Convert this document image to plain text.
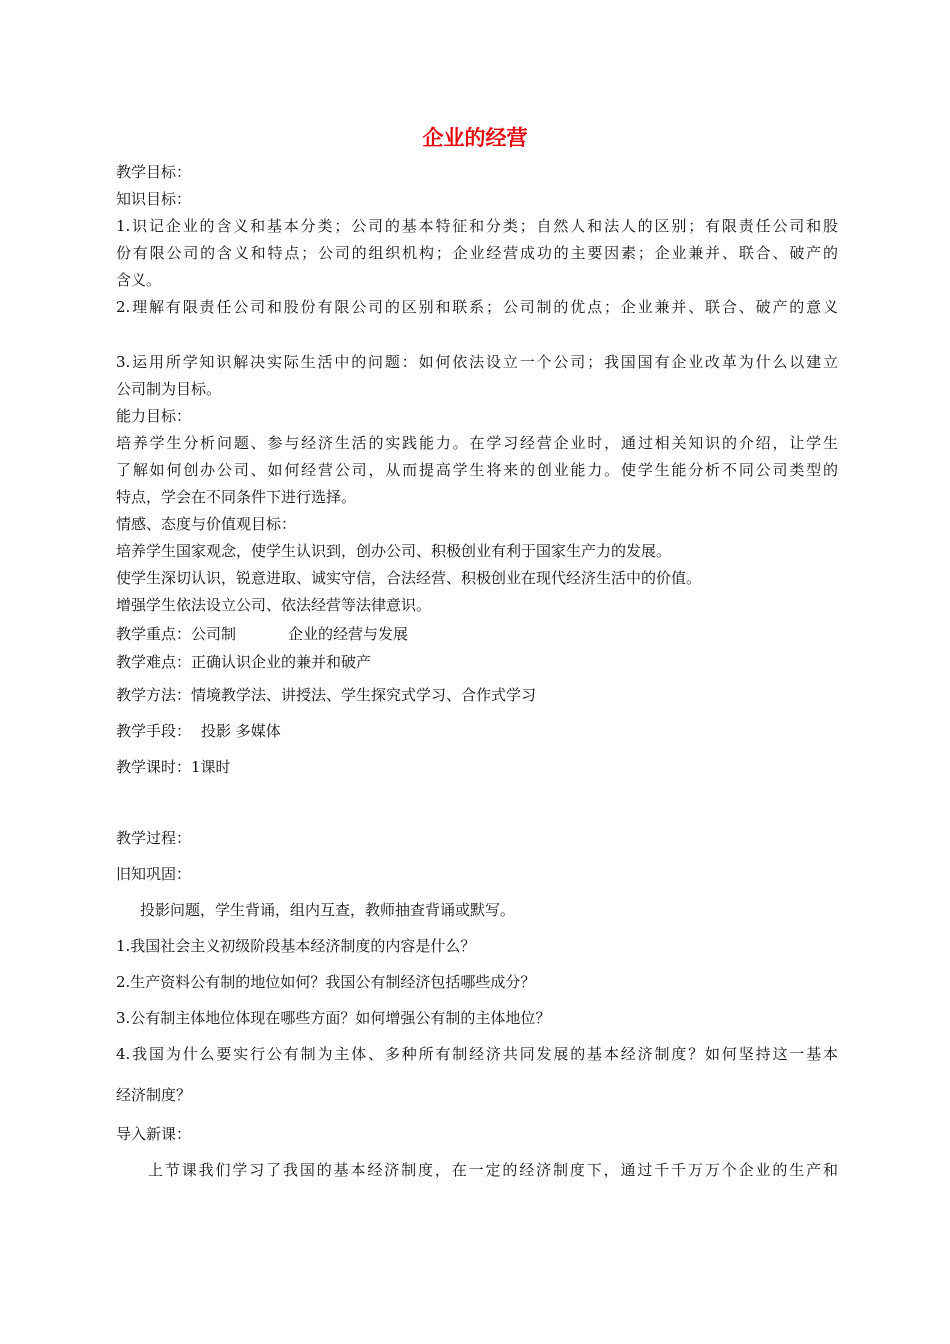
企业的经营

教学目标：

知识目标：

1.识记企业的含义和基本分类；公司的基本特征和分类；自然人和法人的区别；有限责任公司和股

份有限公司的含义和特点；公司的组织机构；企业经营成功的主要因素；企业兼并、联合、破产的

含义。

2.理解有限责任公司和股份有限公司的区别和联系；公司制的优点；企业兼并、联合、破产的意义

3.运用所学知识解决实际生活中的问题：如何依法设立一个公司；我国国有企业改革为什么以建立

公司制为目标。

能力目标：

培养学生分析问题、参与经济生活的实践能力。在学习经营企业时，通过相关知识的介绍，让学生

了解如何创办公司、如何经营公司，从而提高学生将来的创业能力。使学生能分析不同公司类型的

特点，学会在不同条件下进行选择。

情感、态度与价值观目标：

培养学生国家观念，使学生认识到，创办公司、积极创业有利于国家生产力的发展。

使学生深切认识，锐意进取、诚实守信，合法经营、积极创业在现代经济生活中的价值。

增强学生依法设立公司、依法经营等法律意识。

教学重点：公司制	企业的经营与发展

教学难点：正确认识企业的兼并和破产

教学方法：情境教学法、讲授法、学生探究式学习、合作式学习

教学手段： 投影 多媒体

教学课时：1课时

教学过程：

旧知巩固：

投影问题，学生背诵，组内互查，教师抽查背诵或默写。

1.我国社会主义初级阶段基本经济制度的内容是什么？

2.生产资料公有制的地位如何？我国公有制经济包括哪些成分？

3.公有制主体地位体现在哪些方面？如何增强公有制的主体地位？

4.我国为什么要实行公有制为主体、多种所有制经济共同发展的基本经济制度？如何坚持这一基本

经济制度？

导入新课：

上节课我们学习了我国的基本经济制度，在一定的经济制度下，通过千千万万个企业的生产和
